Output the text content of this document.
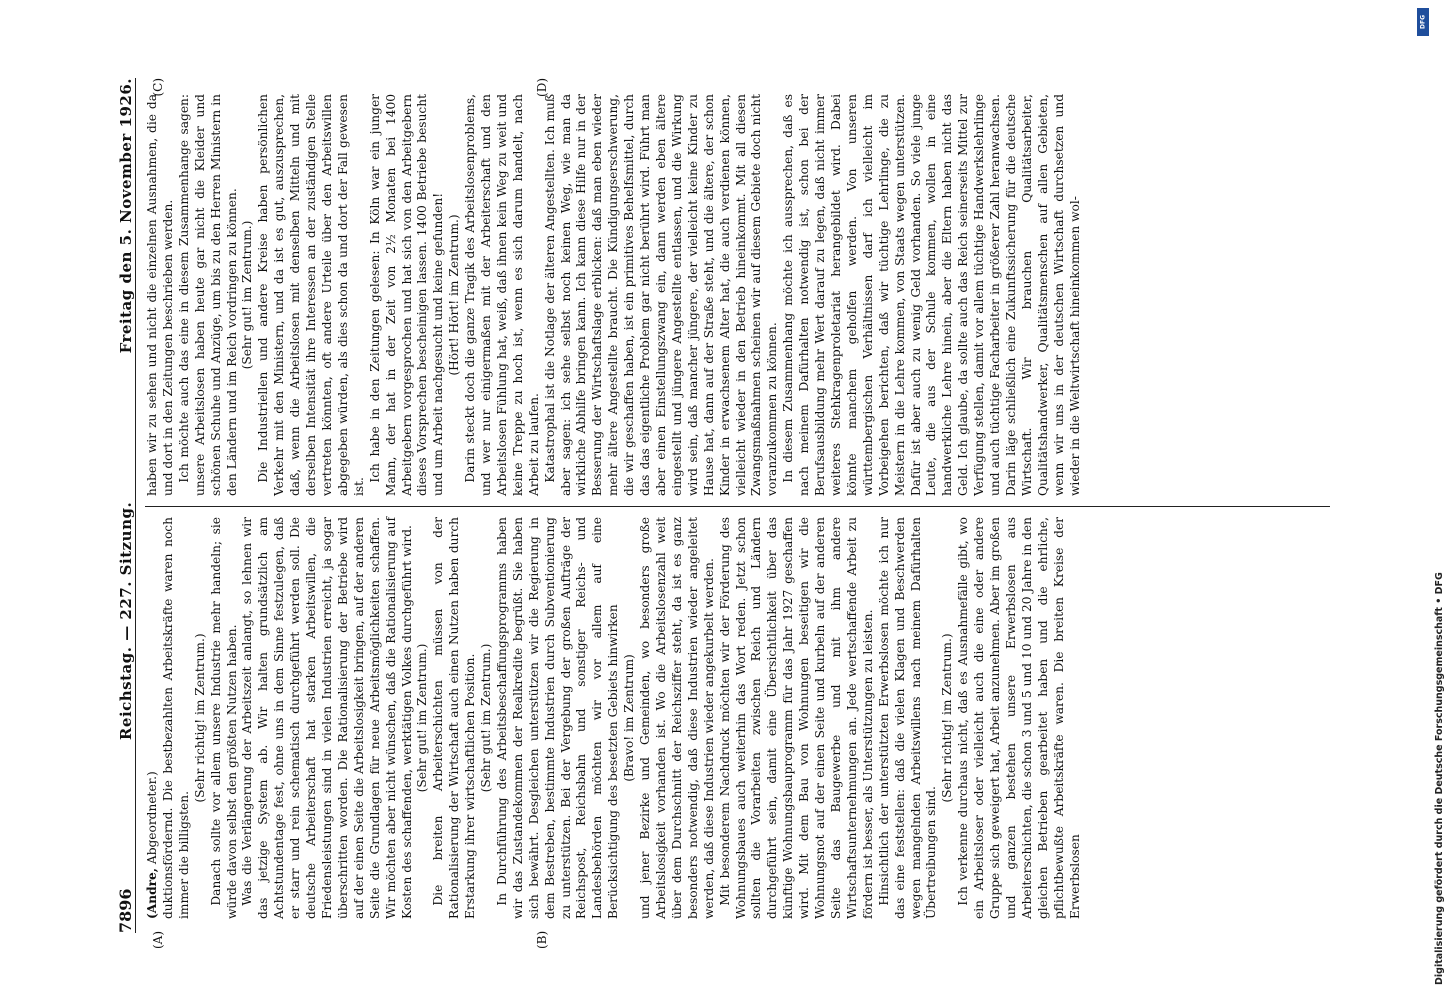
7896
Reichstag. — 227. Sitzung.
Freitag den 5. November 1926.
(A)	(B)

(Andre, Abgeordneter.) duktionsfördernd. Die bestbezahlten Arbeitskräfte waren noch immer die billigsten.

(Sehr richtig! im Zentrum.) Danach sollte vor allem unsere Industrie mehr handeln; sie würde davon selbst den größten Nutzen haben. Was die Verlängerung der Arbeitszeit anlangt, so lehnen wir das jetzige System ab. Wir halten grundsätzlich am Achtstundentage fest, ohne uns in dem Sinne festzulegen, daß er starr und rein schematisch durchgeführt werden soll. Die deutsche Arbeiterschaft hat starken Arbeitswillen, die Friedensleistungen sind in vielen Industrien erreicht, ja sogar überschritten worden. Die Rationalisierung der Betriebe wird auf der einen Seite die Arbeitslosigkeit bringen, auf der anderen Seite die Grundlagen für neue Arbeitsmöglichkeiten schaffen. Wir möchten aber nicht wünschen, daß die Rationalisierung auf Kosten des schaffenden, werktätigen Volkes durchgeführt wird. (Sehr gut! im Zentrum.) Die breiten Arbeiterschichten müssen von der Rationalisierung der Wirtschaft auch einen Nutzen haben durch Erstarkung ihrer wirtschaftlichen Position. (Sehr gut! im Zentrum.) In Durchführung des Arbeitsbeschaffungsprogramms haben wir das Zustandekommen der Realkredite begrüßt. Sie haben sich bewährt. Desgleichen unterstützen wir die Regierung in dem Bestreben, bestimmte Industrien durch Subventionierung zu unterstützen. Bei der Vergebung der großen Aufträge der Reichspost, Reichsbahn und sonstiger Reichs- und Landesbehörden möchten wir vor allem auf eine Berücksichtigung des besetzten Gebiets hinwirken (Bravo! im Zentrum) und jener Bezirke und Gemeinden, wo besonders große Arbeitslosigkeit vorhanden ist. Wo die Arbeitslosenzahl weit über dem Durchschnitt der Reichsziffer steht, da ist es ganz besonders notwendig, daß diese Industrien wieder angeleitet werden, daß diese Industrien wieder angekurbelt werden. Mit besonderem Nachdruck möchten wir der Förderung des Wohnungsbaues auch weiterhin das Wort reden. Jetzt schon sollten die Vorarbeiten zwischen Reich und Ländern durchgeführt sein, damit eine Übersichtlichkeit über das künftige Wohnungsbauprogramm für das Jahr 1927 geschaffen wird. Mit dem Bau von Wohnungen beseitigen wir die Wohnungsnot auf der einen Seite und kurbeln auf der anderen Seite das Baugewerbe und mit ihm andere Wirtschaftsunternehmungen an. Jede wertschaffende Arbeit zu fördern ist besser, als Unterstützungen zu leisten. Hinsichtlich der unterstützten Erwerbslosen möchte ich nur das eine feststellen: daß die vielen Klagen und Beschwerden wegen mangelnden Arbeitswillens nach meinem Dafürhalten Übertreibungen sind.

(Sehr richtig! im Zentrum.) Ich verkenne durchaus nicht, daß es Ausnahmefälle gibt, wo ein Arbeitsloser oder vielleicht auch die eine oder andere Gruppe sich geweigert hat, Arbeit anzunehmen. Aber im großen und ganzen bestehen unsere Erwerbslosen aus Arbeiterschichten, die schon 3 und 5 und 10 und 20 Jahre in den gleichen Betrieben gearbeitet haben und die ehrliche, pflichtbewußte Arbeitskräfte waren. Die breiten Kreise der Erwerbslosen

(C)	(D)

haben wir zu sehen und nicht die einzelnen Ausnahmen, die da und dort in den Zeitungen beschrieben werden. Ich möchte auch das eine in diesem Zusammenhange sagen: unsere Arbeitslosen haben heute gar nicht die Kleider und schönen Schuhe und Anzüge, um bis zu den Herren Ministern in den Ländern und im Reich vordringen zu können. (Sehr gut! im Zentrum.) Die Industriellen und andere Kreise haben persönlichen Verkehr mit den Ministern, und da ist es gut, auszusprechen, daß, wenn die Arbeitslosen mit denselben Mitteln und mit derselben Intensität ihre Interessen an der zuständigen Stelle vertreten könnten, oft andere Urteile über den Arbeitswillen abgegeben würden, als dies schon da und dort der Fall gewesen ist.

Ich habe in den Zeitungen gelesen: In Köln war ein junger Mann, der hat in der Zeit von 2½ Monaten bei 1400 Arbeitgebern vorgesprochen und hat sich von den Arbeitgebern dieses Vorsprechen bescheinigen lassen. 1400 Betriebe besucht und um Arbeit nachgesucht und keine gefunden! (Hört! Hört! im Zentrum.) Darin steckt doch die ganze Tragik des Arbeitslosenproblems, und wer nur einigermaßen mit der Arbeiterschaft und den Arbeitslosen Fühlung hat, weiß, daß ihnen kein Weg zu weit und keine Treppe zu hoch ist, wenn es sich darum handelt, nach Arbeit zu laufen. Katastrophal ist die Notlage der älteren Angestellten. Ich muß aber sagen: ich sehe selbst noch keinen Weg, wie man da wirkliche Abhilfe bringen kann. Ich kann diese Hilfe nur in der Besserung der Wirtschaftslage erblicken: daß man eben wieder mehr ältere Angestellte braucht. Die Kündigungserschwerung, die wir geschaffen haben, ist ein primitives Behelfsmittel, durch das das eigentliche Problem gar nicht berührt wird. Führt man aber einen Einstellungszwang ein, dann werden eben ältere eingestellt und jüngere Angestellte entlassen, und die Wirkung wird sein, daß mancher jüngere, der vielleicht keine Kinder zu Hause hat, dann auf der Straße steht, und die ältere, der schon Kinder in erwachsenem Alter hat, die auch verdienen können, vielleicht wieder in den Betrieb hineinkommt. Mit all diesen Zwangsmaßnahmen scheinen wir auf diesem Gebiete doch nicht voranzukommen zu können. In diesem Zusammenhang möchte ich aussprechen, daß es nach meinem Dafürhalten notwendig ist, schon bei der Berufsausbildung mehr Wert darauf zu legen, daß nicht immer weiteres Stehkragenproletariat herangebildet wird. Dabei könnte manchem geholfen werden. Von unseren württembergischen Verhältnissen darf ich vielleicht im Vorbeigehen berichten, daß wir tüchtige Lehrlinge, die zu Meistern in die Lehre kommen, von Staats wegen unterstützen. Dafür ist aber auch zu wenig Geld vorhanden. So viele junge Leute, die aus der Schule kommen, wollen in eine handwerkliche Lehre hinein, aber die Eltern haben nicht das Geld. Ich glaube, da sollte auch das Reich seinerseits Mittel zur Verfügung stellen, damit vor allem tüchtige Handwerkslehrlinge und auch tüchtige Facharbeiter in größerer Zahl heranwachsen. Darin läge schließlich eine Zukunftssicherung für die deutsche Wirtschaft. Wir brauchen Qualitätsarbeiter, Qualitätshandwerker, Qualitätsmenschen auf allen Gebieten, wenn wir uns in der deutschen Wirtschaft durchsetzen und wieder in die Weltwirtschaft hineinkommen wol-

Digitalisierung gefördert durch die Deutsche Forschungsgemeinschaft • DFG
DFG
